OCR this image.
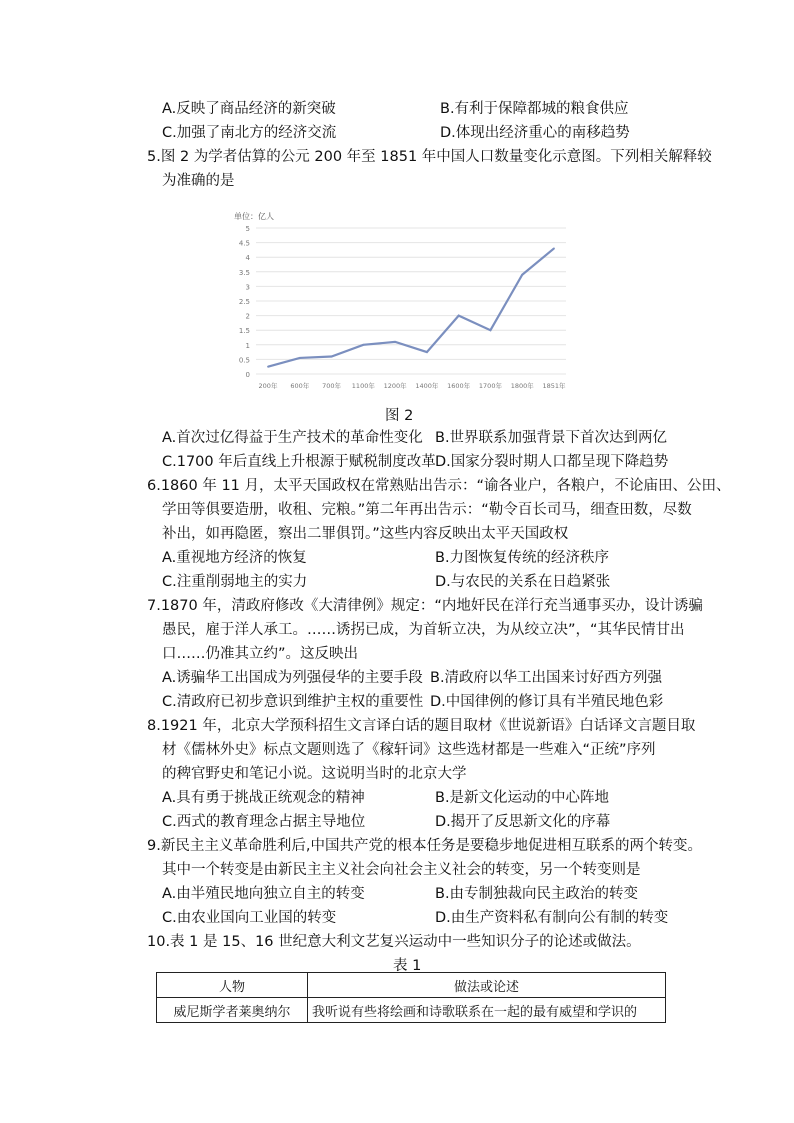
A.反映了商品经济的新突破	B.有利于保障都城的粮食供应
C.加强了南北方的经济交流	D.体现出经济重心的南移趋势
5.图 2 为学者估算的公元 200 年至 1851 年中国人口数量变化示意图。下列相关解释较
为准确的是
0
0.5
1
1.5
2
2.5
3
3.5
4
4.5
5
200年 600年 700年 1100年 1200年 1400年 1600年 1700年 1800年 1851年
单位：亿人
图 2
A.首次过亿得益于生产技术的革命性变化 B.世界联系加强背景下首次达到两亿
C.1700 年后直线上升根源于赋税制度改革 D.国家分裂时期人口都呈现下降趋势
6.1860 年 11 月，太平天国政权在常熟贴出告示：“谕各业户，各粮户，不论庙田、公田、
学田等俱要造册，收租、完粮。”第二年再出告示：“勒令百长司马，细查田数，尽数
补出，如再隐匿，察出二罪俱罚。”这些内容反映出太平天国政权
A.重视地方经济的恢复	B.力图恢复传统的经济秩序
C.注重削弱地主的实力	D.与农民的关系在日趋紧张
7.1870 年，清政府修改《大清律例》规定：“内地奸民在洋行充当通事买办，设计诱骗
愚民，雇于洋人承工。……诱拐已成，为首斩立决，为从绞立决”，“其华民情甘出
口……仍准其立约”。这反映出
A.诱骗华工出国成为列强侵华的主要手段 B.清政府以华工出国来讨好西方列强
C.清政府已初步意识到维护主权的重要性 D.中国律例的修订具有半殖民地色彩
8.1921 年，北京大学预科招生文言译白话的题目取材《世说新语》白话译文言题目取
材《儒林外史》标点文题则选了《稼轩词》这些选材都是一些难入“正统”序列
的稗官野史和笔记小说。这说明当时的北京大学
A.具有勇于挑战正统观念的精神	B.是新文化运动的中心阵地
C.西式的教育理念占据主导地位	D.揭开了反思新文化的序幕
9.新民主主义革命胜利后,中国共产党的根本任务是要稳步地促进相互联系的两个转变。
其中一个转变是由新民主主义社会向社会主义社会的转变，另一个转变则是
A.由半殖民地向独立自主的转变	B.由专制独裁向民主政治的转变
C.由农业国向工业国的转变	D.由生产资料私有制向公有制的转变
10.表 1 是 15、16 世纪意大利文艺复兴运动中一些知识分子的论述或做法。
表 1
人物	做法或论述
威尼斯学者莱奥纳尔	我听说有些将绘画和诗歌联系在一起的最有威望和学识的
